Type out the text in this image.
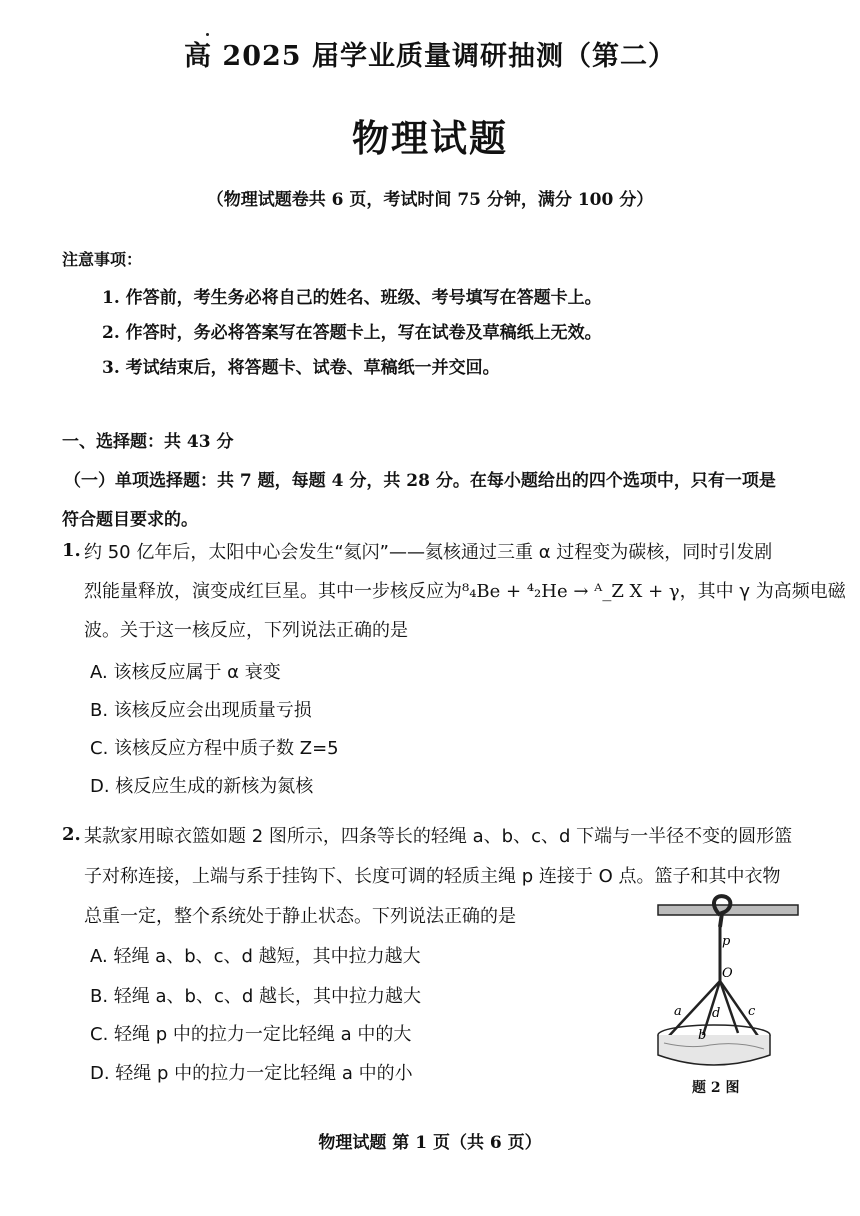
高 2025 届学业质量调研抽测（第二）
物理试题
（物理试题卷共 6 页，考试时间 75 分钟，满分 100 分）
注意事项：
1. 作答前，考生务必将自己的姓名、班级、考号填写在答题卡上。
2. 作答时，务必将答案写在答题卡上，写在试卷及草稿纸上无效。
3. 考试结束后，将答题卡、试卷、草稿纸一并交回。
一、选择题：共 43 分
（一）单项选择题：共 7 题，每题 4 分，共 28 分。在每小题给出的四个选项中，只有一项是
符合题目要求的。
1. 约 50 亿年后，太阳中心会发生“氦闪”——氦核通过三重 α 过程变为碳核，同时引发剧
烈能量释放，演变成红巨星。其中一步核反应为⁸₄Be + ⁴₂He → ᴬ_Z X + γ，其中 γ 为高频电磁
波。关于这一核反应，下列说法正确的是
A. 该核反应属于 α 衰变
B. 该核反应会出现质量亏损
C. 该核反应方程中质子数 Z=5
D. 核反应生成的新核为氮核
2. 某款家用晾衣篮如题 2 图所示，四条等长的轻绳 a、b、c、d 下端与一半径不变的圆形篮
子对称连接，上端与系于挂钩下、长度可调的轻质主绳 p 连接于 O 点。篮子和其中衣物
总重一定，整个系统处于静止状态。下列说法正确的是
A. 轻绳 a、b、c、d 越短，其中拉力越大
B. 轻绳 a、b、c、d 越长，其中拉力越大
C. 轻绳 p 中的拉力一定比轻绳 a 中的大
D. 轻绳 p 中的拉力一定比轻绳 a 中的小
p
O
a
b
c
d
题 2 图
物理试题 第 1 页（共 6 页）
